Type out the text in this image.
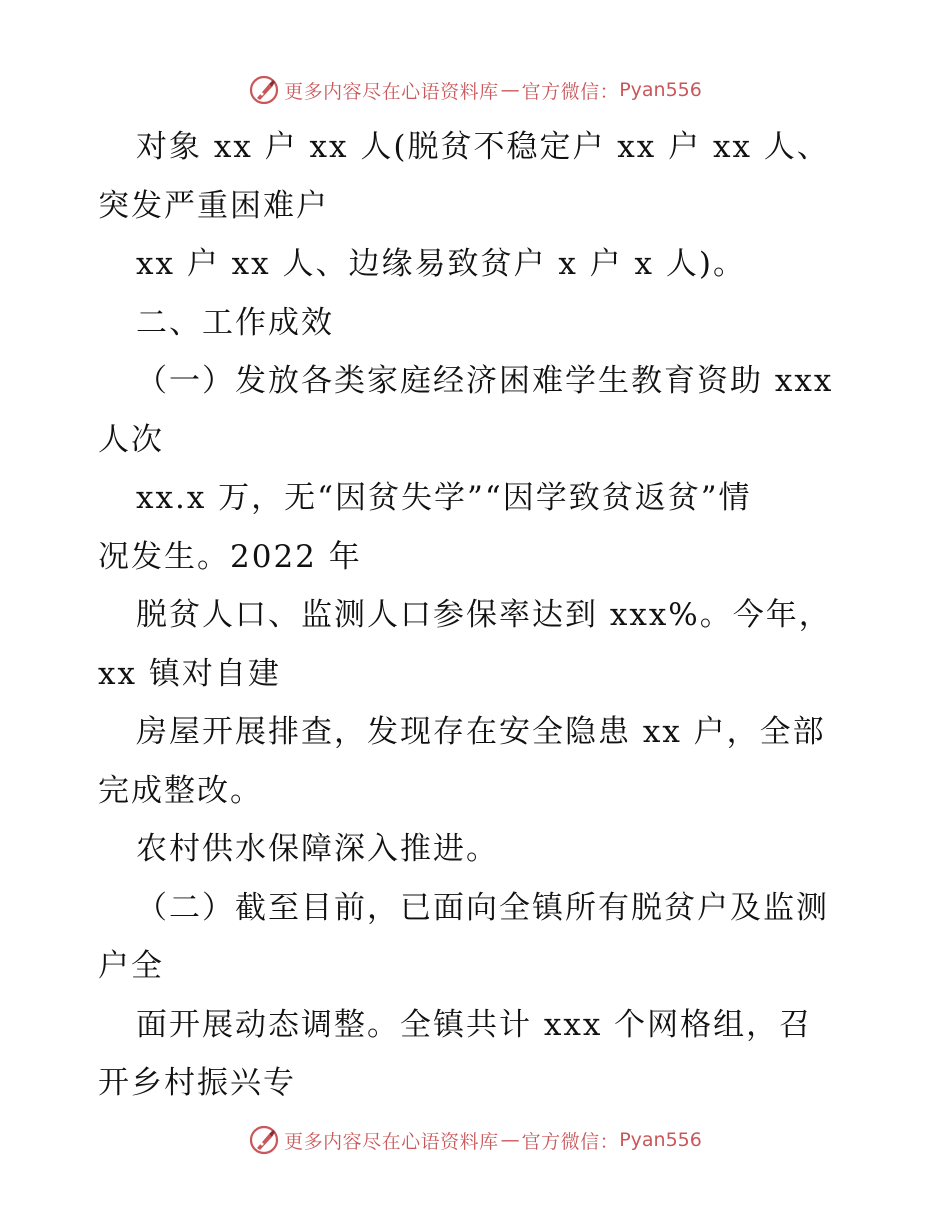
更多内容尽在心语资料库 — 官方微信： Pyan556
对象 xx 户 xx 人(脱贫不稳定户 xx 户 xx 人、
突发严重困难户
xx 户 xx 人、边缘易致贫户 x 户 x 人)。
二、工作成效
（一）发放各类家庭经济困难学生教育资助 xxx
人次
xx.x 万，无“因贫失学”“因学致贫返贫”情
况发生。2022 年
脱贫人口、监测人口参保率达到 xxx%。今年，
xx 镇对自建
房屋开展排查，发现存在安全隐患 xx 户，全部
完成整改。
农村供水保障深入推进。
（二）截至目前，已面向全镇所有脱贫户及监测
户全
面开展动态调整。全镇共计 xxx 个网格组，召
开乡村振兴专
更多内容尽在心语资料库 — 官方微信： Pyan556
